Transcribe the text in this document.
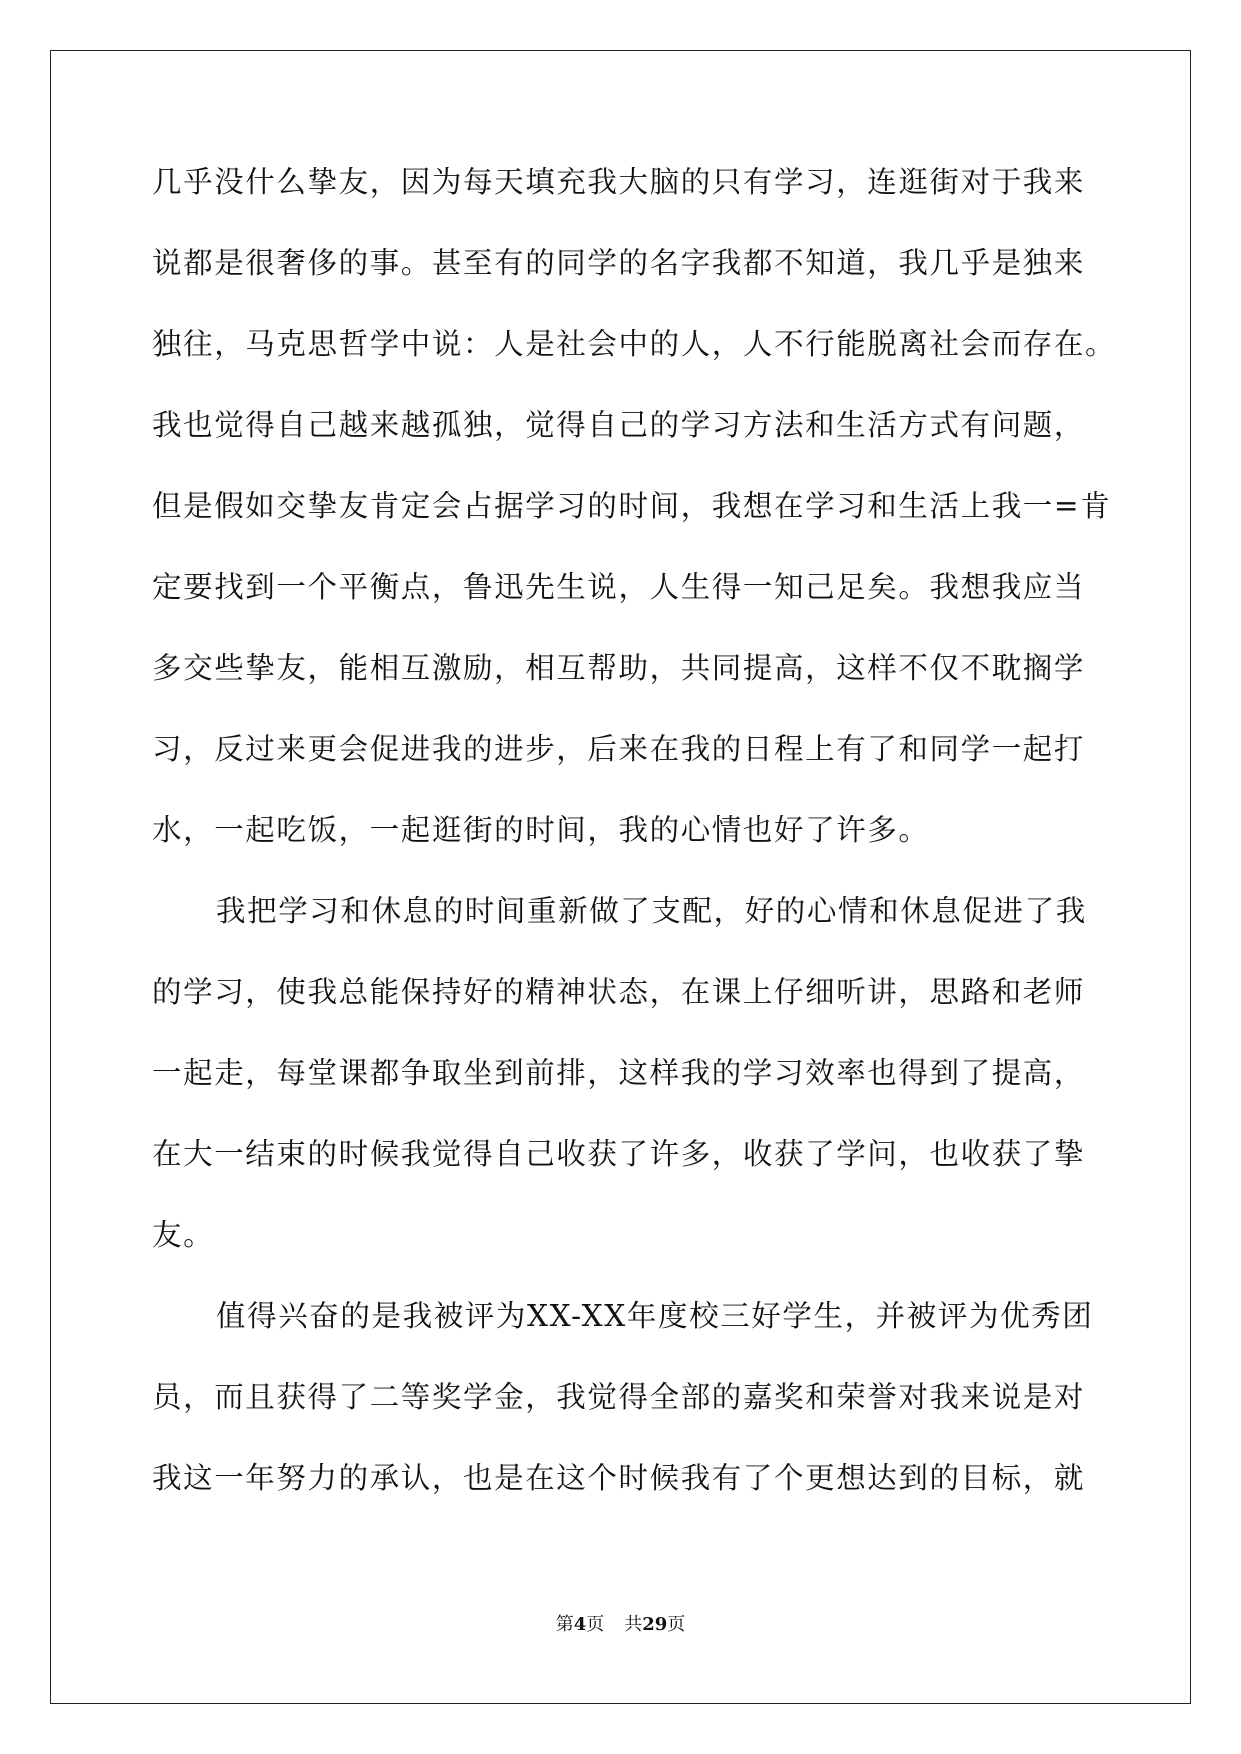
几乎没什么挚友，因为每天填充我大脑的只有学习，连逛街对于我来

说都是很奢侈的事。甚至有的同学的名字我都不知道，我几乎是独来

独往，马克思哲学中说：人是社会中的人，人不行能脱离社会而存在。

我也觉得自己越来越孤独，觉得自己的学习方法和生活方式有问题，

但是假如交挚友肯定会占据学习的时间，我想在学习和生活上我一=肯

定要找到一个平衡点，鲁迅先生说，人生得一知己足矣。我想我应当

多交些挚友，能相互激励，相互帮助，共同提高，这样不仅不耽搁学

习，反过来更会促进我的进步，后来在我的日程上有了和同学一起打

水，一起吃饭，一起逛街的时间，我的心情也好了许多。

我把学习和休息的时间重新做了支配，好的心情和休息促进了我

的学习，使我总能保持好的精神状态，在课上仔细听讲，思路和老师

一起走，每堂课都争取坐到前排，这样我的学习效率也得到了提高，

在大一结束的时候我觉得自己收获了许多，收获了学问，也收获了挚

友。

值得兴奋的是我被评为XX-XX年度校三好学生，并被评为优秀团

员，而且获得了二等奖学金，我觉得全部的嘉奖和荣誉对我来说是对

我这一年努力的承认，也是在这个时候我有了个更想达到的目标，就

第4页 共29页
